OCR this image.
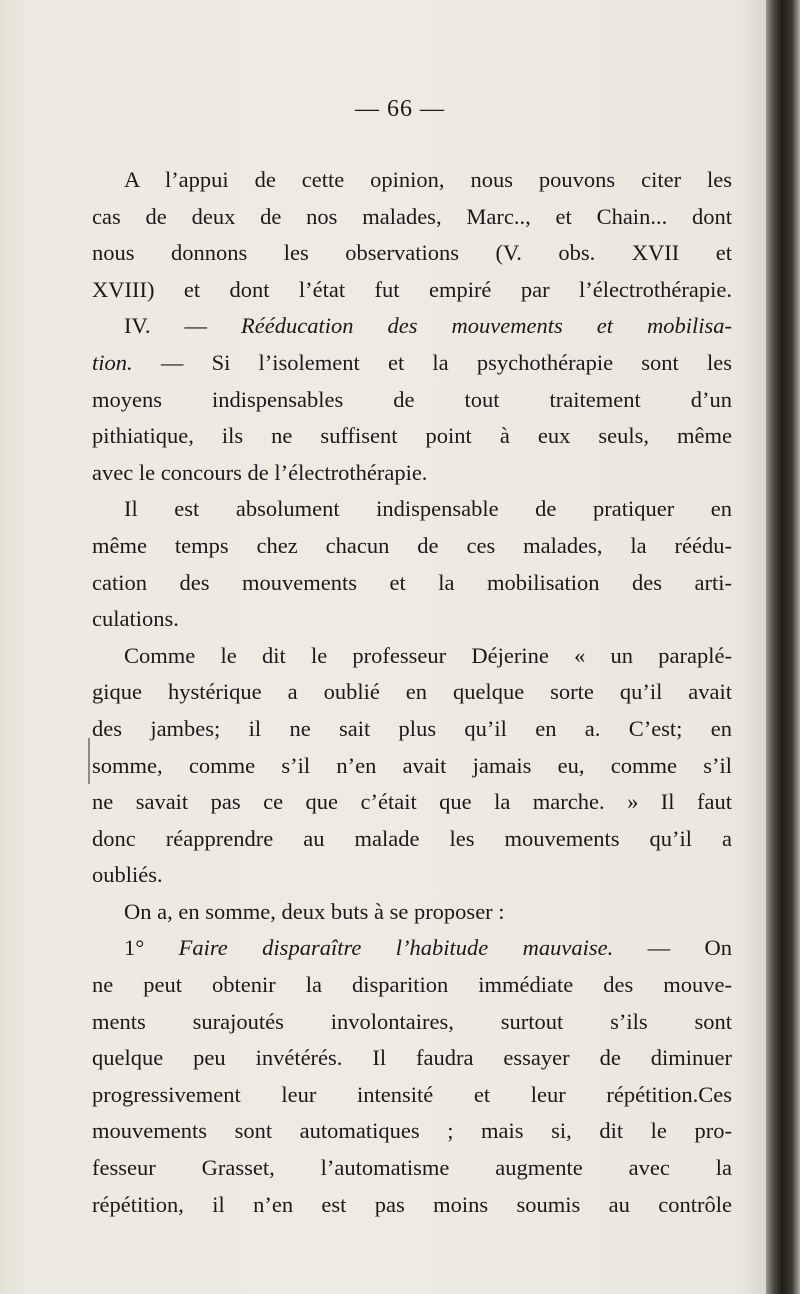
— 66 —
A l’appui de cette opinion, nous pouvons citer les
cas de deux de nos malades, Marc.., et Chain... dont
nous donnons les observations (V. obs. XVII et
XVIII) et dont l’état fut empiré par l’électrothérapie.
IV. — Rééducation des mouvements et mobilisa-
tion. — Si l’isolement et la psychothérapie sont les
moyens indispensables de tout traitement d’un
pithiatique, ils ne suffisent point à eux seuls, même
avec le concours de l’électrothérapie.
Il est absolument indispensable de pratiquer en
même temps chez chacun de ces malades, la réédu-
cation des mouvements et la mobilisation des arti-
culations.
Comme le dit le professeur Déjerine « un paraplé-
gique hystérique a oublié en quelque sorte qu’il avait
des jambes; il ne sait plus qu’il en a. C’est; en
somme, comme s’il n’en avait jamais eu, comme s’il
ne savait pas ce que c’était que la marche. » Il faut
donc réapprendre au malade les mouvements qu’il a
oubliés.
On a, en somme, deux buts à se proposer :
1° Faire disparaître l’habitude mauvaise. — On
ne peut obtenir la disparition immédiate des mouve-
ments surajoutés involontaires, surtout s’ils sont
quelque peu invétérés. Il faudra essayer de diminuer
progressivement leur intensité et leur répétition.Ces
mouvements sont automatiques ; mais si, dit le pro-
fesseur Grasset, l’automatisme augmente avec la
répétition, il n’en est pas moins soumis au contrôle
